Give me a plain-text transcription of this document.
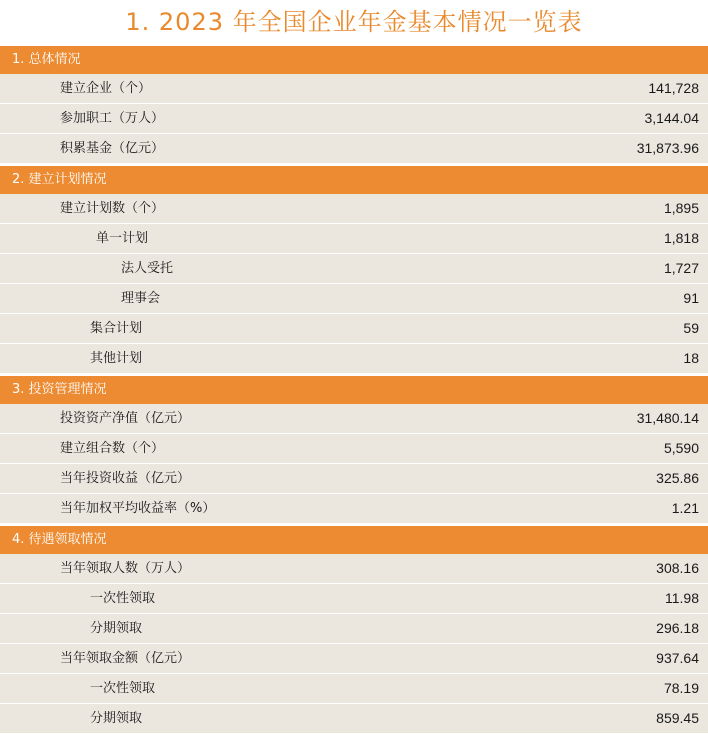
1. 2023 年全国企业年金基本情况一览表
1. 总体情况
建立企业（个）	141,728
参加职工（万人）	3,144.04
积累基金（亿元）	31,873.96
2. 建立计划情况
建立计划数（个）	1,895
单一计划	1,818
法人受托	1,727
理事会	91
集合计划	59
其他计划	18
3. 投资管理情况
投资资产净值（亿元）	31,480.14
建立组合数（个）	5,590
当年投资收益（亿元）	325.86
当年加权平均收益率（%）	1.21
4. 待遇领取情况
当年领取人数（万人）	308.16
一次性领取	11.98
分期领取	296.18
当年领取金额（亿元）	937.64
一次性领取	78.19
分期领取	859.45
